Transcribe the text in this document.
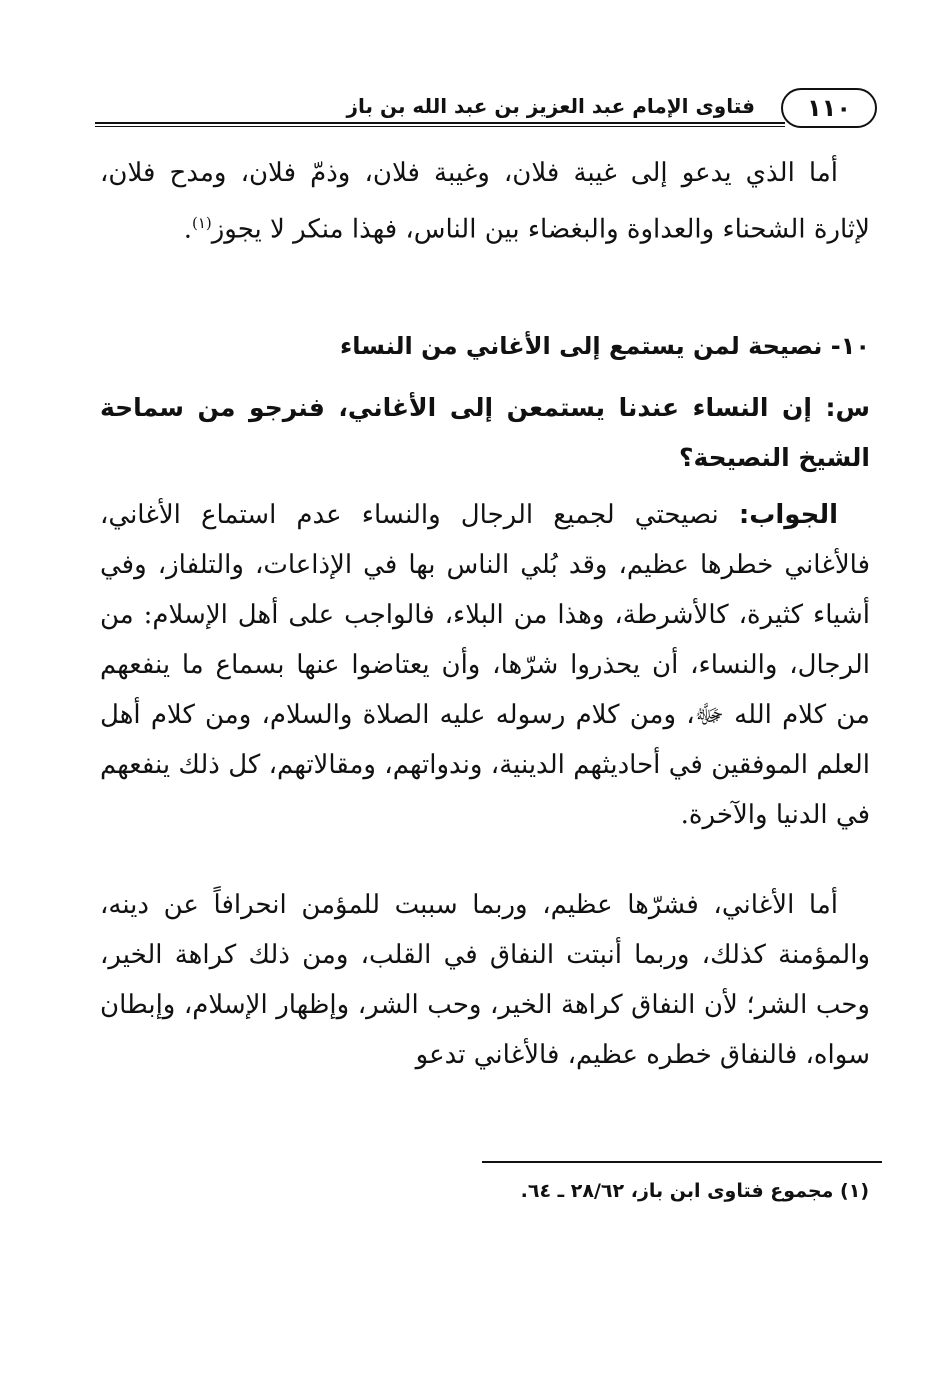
١١٠
فتاوى الإمام عبد العزيز بن عبد الله بن باز

أما الذي يدعو إلى غيبة فلان، وغيبة فلان، وذمّ فلان، ومدح فلان، لإثارة الشحناء والعداوة والبغضاء بين الناس، فهذا منكر لا يجوز$^{(١)}$.

١٠- نصيحة لمن يستمع إلى الأغاني من النساء

س: إن النساء عندنا يستمعن إلى الأغاني، فنرجو من سماحة الشيخ النصيحة؟

الجواب: نصيحتي لجميع الرجال والنساء عدم استماع الأغاني، فالأغاني خطرها عظيم، وقد بُلي الناس بها في الإذاعات، والتلفاز، وفي أشياء كثيرة، كالأشرطة، وهذا من البلاء، فالواجب على أهل الإسلام: من الرجال، والنساء، أن يحذروا شرّها، وأن يعتاضوا عنها بسماع ما ينفعهم من كلام الله ﷻ، ومن كلام رسوله عليه الصلاة والسلام، ومن كلام أهل العلم الموفقين في أحاديثهم الدينية، وندواتهم، ومقالاتهم، كل ذلك ينفعهم في الدنيا والآخرة.

أما الأغاني، فشرّها عظيم، وربما سببت للمؤمن انحرافاً عن دينه، والمؤمنة كذلك، وربما أنبتت النفاق في القلب، ومن ذلك كراهة الخير، وحب الشر؛ لأن النفاق كراهة الخير، وحب الشر، وإظهار الإسلام، وإبطان سواه، فالنفاق خطره عظيم، فالأغاني تدعو

(١) مجموع فتاوى ابن باز، ٢٨/٦٢ ـ ٦٤.
